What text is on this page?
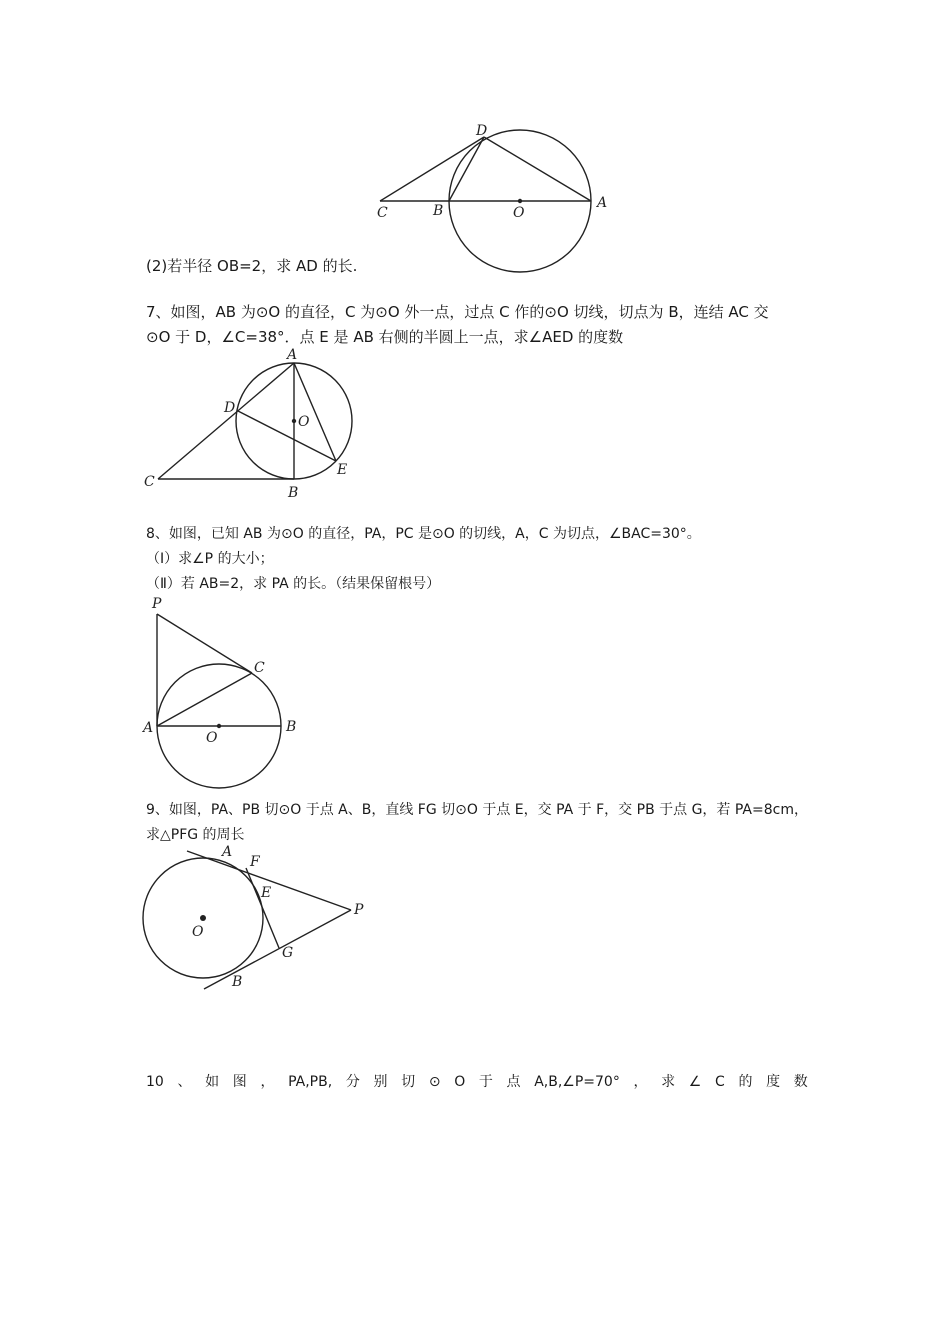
D
C	B	O
A
(2)若半径 OB=2，求 AD 的长.
7、如图，AB 为⊙O 的直径，C 为⊙O 外一点，过点 C 作的⊙O 切线，切点为 B，连结 AC 交
⊙O 于 D，∠C=38°．点 E 是 AB 右侧的半圆上一点，求∠AED 的度数
A
D
O
E
C
B
8、如图，已知 AB 为⊙O 的直径，PA，PC 是⊙O 的切线，A，C 为切点，∠BAC=30°。
（Ⅰ）求∠P 的大小；
（Ⅱ）若 AB=2，求 PA 的长。（结果保留根号）
P
C
A
O
B
9、如图，PA、PB 切⊙O 于点 A、B，直线 FG 切⊙O 于点 E，交 PA 于 F，交 PB 于点 G，若 PA=8cm，
求△PFG 的周长
A
F
E
P
O
G
B
10 、 如 图 ， PA,PB, 分 别 切 ⊙ O 于 点 A,B,∠P=70° ， 求 ∠ C 的 度 数
